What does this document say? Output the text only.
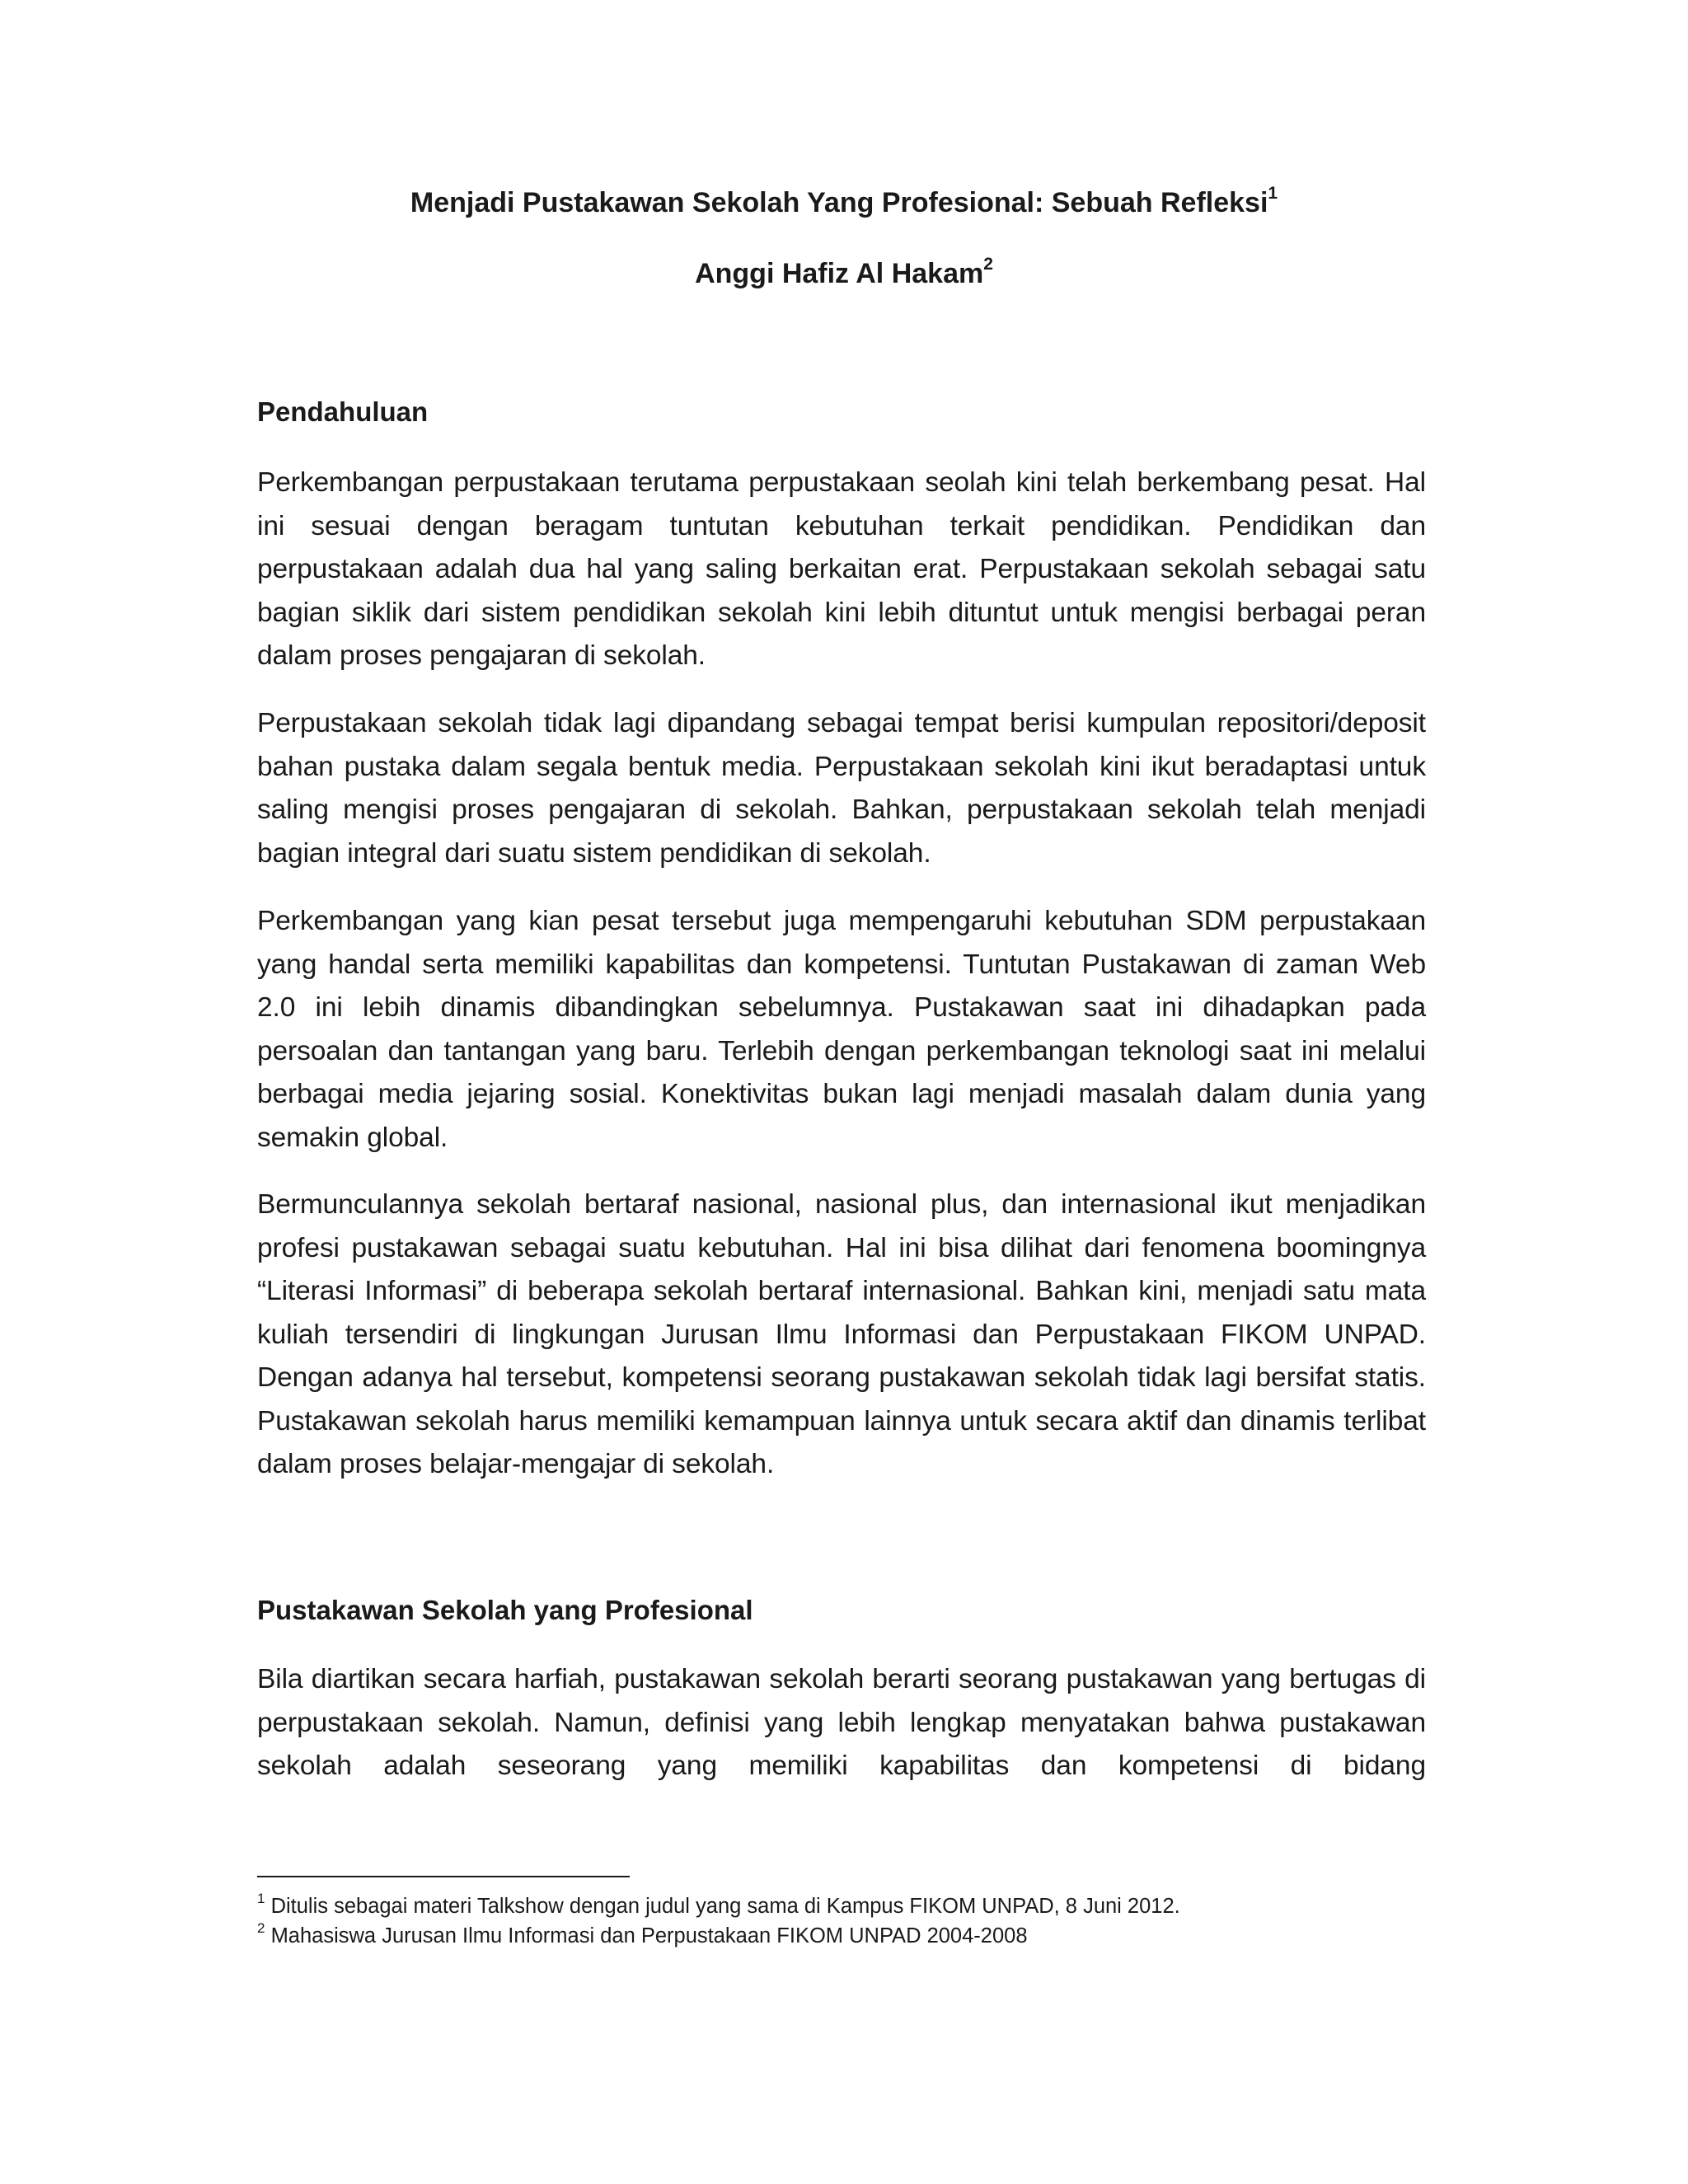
Menjadi Pustakawan Sekolah Yang Profesional: Sebuah Refleksi$^1$

Anggi Hafiz Al Hakam$^2$

Pendahuluan

Perkembangan perpustakaan terutama perpustakaan seolah kini telah berkembang pesat. Hal ini sesuai dengan beragam tuntutan kebutuhan terkait pendidikan. Pendidikan dan perpustakaan adalah dua hal yang saling berkaitan erat. Perpustakaan sekolah sebagai satu bagian siklik dari sistem pendidikan sekolah kini lebih dituntut untuk mengisi berbagai peran dalam proses pengajaran di sekolah.

Perpustakaan sekolah tidak lagi dipandang sebagai tempat berisi kumpulan repositori/deposit bahan pustaka dalam segala bentuk media. Perpustakaan sekolah kini ikut beradaptasi untuk saling mengisi proses pengajaran di sekolah. Bahkan, perpustakaan sekolah telah menjadi bagian integral dari suatu sistem pendidikan di sekolah.

Perkembangan yang kian pesat tersebut juga mempengaruhi kebutuhan SDM perpustakaan yang handal serta memiliki kapabilitas dan kompetensi. Tuntutan Pustakawan di zaman Web 2.0 ini lebih dinamis dibandingkan sebelumnya. Pustakawan saat ini dihadapkan pada persoalan dan tantangan yang baru. Terlebih dengan perkembangan teknologi saat ini melalui berbagai media jejaring sosial. Konektivitas bukan lagi menjadi masalah dalam dunia yang semakin global.

Bermunculannya sekolah bertaraf nasional, nasional plus, dan internasional ikut menjadikan profesi pustakawan sebagai suatu kebutuhan. Hal ini bisa dilihat dari fenomena boomingnya “Literasi Informasi” di beberapa sekolah bertaraf internasional. Bahkan kini, menjadi satu mata kuliah tersendiri di lingkungan Jurusan Ilmu Informasi dan Perpustakaan FIKOM UNPAD. Dengan adanya hal tersebut, kompetensi seorang pustakawan sekolah tidak lagi bersifat statis. Pustakawan sekolah harus memiliki kemampuan lainnya untuk secara aktif dan dinamis terlibat dalam proses belajar-mengajar di sekolah.

Pustakawan Sekolah yang Profesional

Bila diartikan secara harfiah, pustakawan sekolah berarti seorang pustakawan yang bertugas di perpustakaan sekolah. Namun, definisi yang lebih lengkap menyatakan bahwa pustakawan sekolah adalah seseorang yang memiliki kapabilitas dan kompetensi di bidang

$^1$ Ditulis sebagai materi Talkshow dengan judul yang sama di Kampus FIKOM UNPAD, 8 Juni 2012.

$^2$ Mahasiswa Jurusan Ilmu Informasi dan Perpustakaan FIKOM UNPAD 2004-2008
